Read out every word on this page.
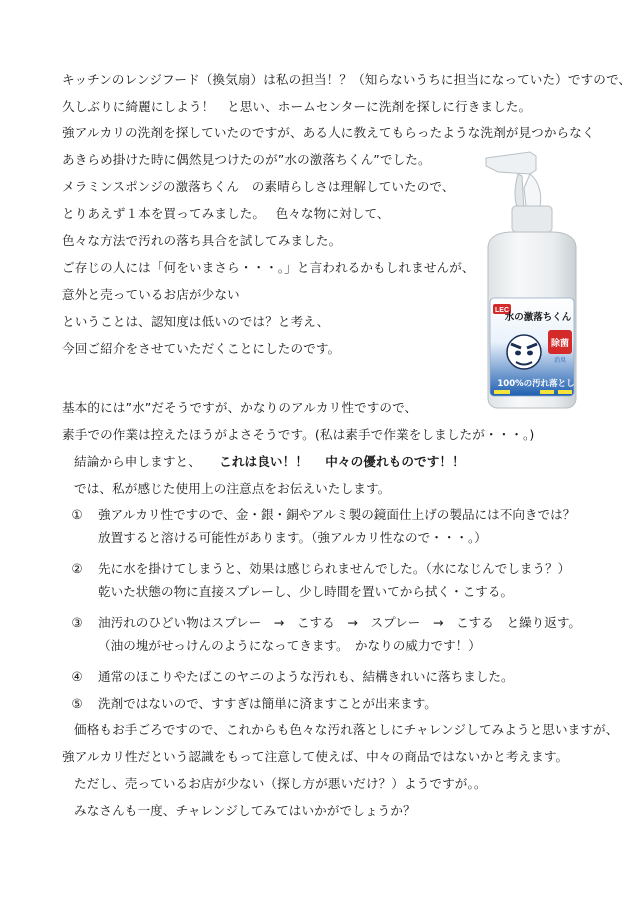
キッチンのレンジフード（換気扇）は私の担当！？（知らないうちに担当になっていた）ですので、
久しぶりに綺麗にしよう！　と思い、ホームセンターに洗剤を探しに行きました。
強アルカリの洗剤を探していたのですが、ある人に教えてもらったような洗剤が見つからなく
あきらめ掛けた時に偶然見つけたのが”水の激落ちくん”でした。
メラミンスポンジの激落ちくん　の素晴らしさは理解していたので、
とりあえず１本を買ってみました。　 色々な物に対して、
色々な方法で汚れの落ち具合を試してみました。
ご存じの人には「何をいまさら・・・。」と言われるかもしれませんが、
意外と売っているお店が少ない
ということは、認知度は低いのでは？と考え、
今回ご紹介をさせていただくことにしたのです。
LEC
水の激落ちくん
除菌
消臭
100%の汚れ落とし
基本的には”水”だそうですが、かなりのアルカリ性ですので、
素手での作業は控えたほうがよさそうです。(私は素手で作業をしましたが・・・。)
結論から申しますと、 これは良い！！　 中々の優れものです！！
では、私が感じた使用上の注意点をお伝えいたします。
① 強アルカリ性ですので、金・銀・銅やアルミ製の鏡面仕上げの製品には不向きでは？
放置すると溶ける可能性があります。（強アルカリ性なので・・・。）
② 先に水を掛けてしまうと、効果は感じられませんでした。（水になじんでしまう？）
乾いた状態の物に直接スプレーし、少し時間を置いてから拭く・こする。
③ 油汚れのひどい物はスプレー　→　こする　→　スプレー　→　こする　と繰り返す。
（油の塊がせっけんのようになってきます。　かなりの威力です！）
④ 通常のほこりやたばこのヤニのような汚れも、結構きれいに落ちました。
⑤ 洗剤ではないので、すすぎは簡単に済ますことが出来ます。
価格もお手ごろですので、これからも色々な汚れ落としにチャレンジしてみようと思いますが、
強アルカリ性だという認識をもって注意して使えば、中々の商品ではないかと考えます。
ただし、売っているお店が少ない（探し方が悪いだけ？）ようですが。。
みなさんも一度、チャレンジしてみてはいかがでしょうか？
